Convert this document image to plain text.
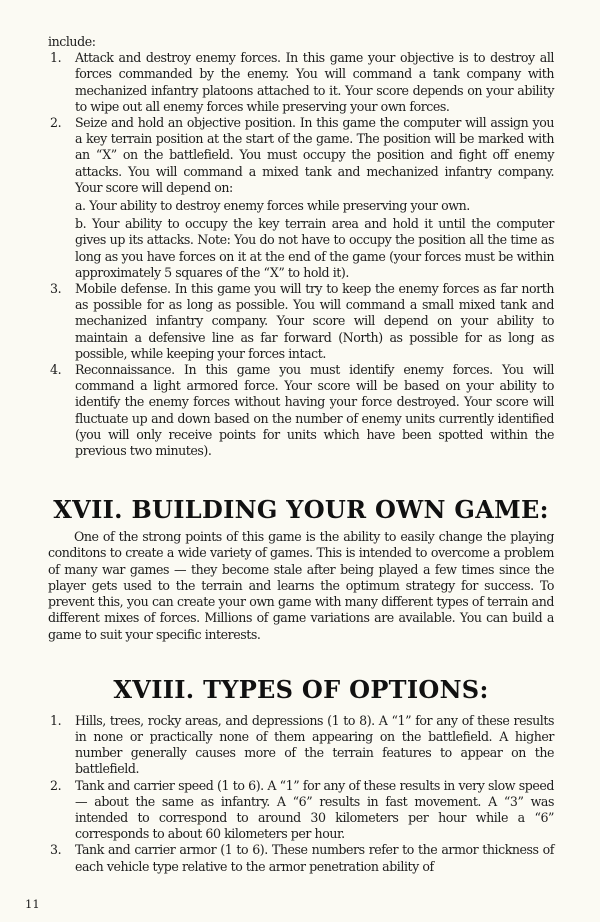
include:

1. Attack and destroy enemy forces. In this game your objective is to destroy all forces commanded by the enemy. You will command a tank company with mechanized infantry platoons attached to it. Your score depends on your ability to wipe out all enemy forces while preserving your own forces.

2. Seize and hold an objective position. In this game the computer will assign you a key terrain position at the start of the game. The position will be marked with an “X” on the battlefield. You must occupy the position and fight off enemy attacks. You will command a mixed tank and mechanized infantry company. Your score will depend on:

a. Your ability to destroy enemy forces while preserving your own.

b. Your ability to occupy the key terrain area and hold it until the computer gives up its attacks. Note: You do not have to occupy the position all the time as long as you have forces on it at the end of the game (your forces must be within approximately 5 squares of the “X” to hold it).

3. Mobile defense. In this game you will try to keep the enemy forces as far north as possible for as long as possible. You will command a small mixed tank and mechanized infantry company. Your score will depend on your ability to maintain a defensive line as far forward (North) as possible for as long as possible, while keeping your forces intact.

4. Reconnaissance. In this game you must identify enemy forces. You will command a light armored force. Your score will be based on your ability to identify the enemy forces without having your force destroyed. Your score will fluctuate up and down based on the number of enemy units currently identified (you will only receive points for units which have been spotted within the previous two minutes).

XVII. BUILDING YOUR OWN GAME:

One of the strong points of this game is the ability to easily change the playing conditons to create a wide variety of games. This is intended to overcome a problem of many war games — they become stale after being played a few times since the player gets used to the terrain and learns the optimum strategy for success. To prevent this, you can create your own game with many different types of terrain and different mixes of forces. Millions of game variations are available. You can build a game to suit your specific interests.

XVIII. TYPES OF OPTIONS:
1. Hills, trees, rocky areas, and depressions (1 to 8). A “1” for any of these results in none or practically none of them appearing on the battlefield. A higher number generally causes more of the terrain features to appear on the battlefield.

2. Tank and carrier speed (1 to 6). A “1” for any of these results in very slow speed — about the same as infantry. A “6” results in fast movement. A “3” was intended to correspond to around 30 kilometers per hour while a “6” corresponds to about 60 kilometers per hour.

3. Tank and carrier armor (1 to 6). These numbers refer to the armor thickness of each vehicle type relative to the armor penetration ability of

11
